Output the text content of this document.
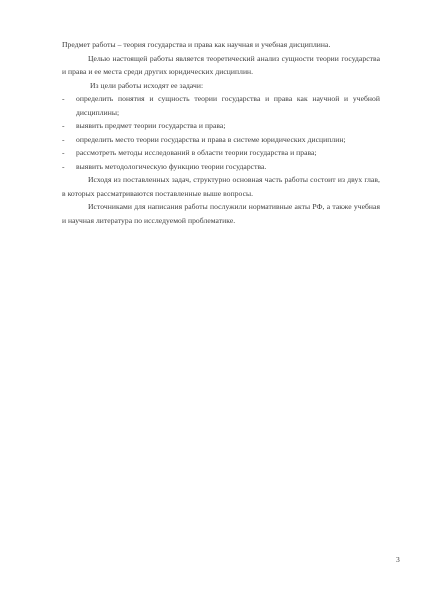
Предмет работы – теория государства и права как научная и учебная дисциплина.

Целью настоящей работы является теоретический анализ сущности теории государства и права и ее места среди других юридических дисциплин.

Из цели работы исходят ее задачи:

- определить понятия и сущность теории государства и права как научной и учебной дисциплины;
- выявить предмет теории государства и права;
- определить место теории государства и права в системе юридических дисциплин;
- рассмотреть методы исследований в области теории государства и права;
- выявить методологическую функцию теории государства.

Исходя из поставленных задач, структурно основная часть работы состоит из двух глав, в которых рассматриваются поставленные выше вопросы.

Источниками для написания работы послужили нормативные акты РФ, а также учебная и научная литература по исследуемой проблематике.

3
